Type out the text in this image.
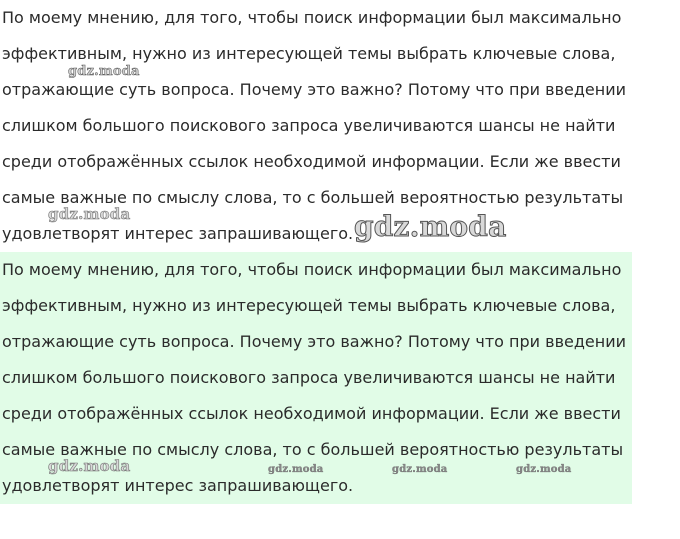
По моему мнению, для того, чтобы поиск информации был максимально

эффективным, нужно из интересующей темы выбрать ключевые слова,

отражающие суть вопроса. Почему это важно? Потому что при введении

слишком большого поискового запроса увеличиваются шансы не найти

среди отображённых ссылок необходимой информации. Если же ввести

самые важные по смыслу слова, то с большей вероятностью результаты

удовлетворят интерес запрашивающего.

По моему мнению, для того, чтобы поиск информации был максимально

эффективным, нужно из интересующей темы выбрать ключевые слова,

отражающие суть вопроса. Почему это важно? Потому что при введении

слишком большого поискового запроса увеличиваются шансы не найти

среди отображённых ссылок необходимой информации. Если же ввести

самые важные по смыслу слова, то с большей вероятностью результаты

удовлетворят интерес запрашивающего.

gdz.moda
gdz.moda	gdz.moda
gdz.moda	gdz.moda	gdz.moda	gdz.moda
